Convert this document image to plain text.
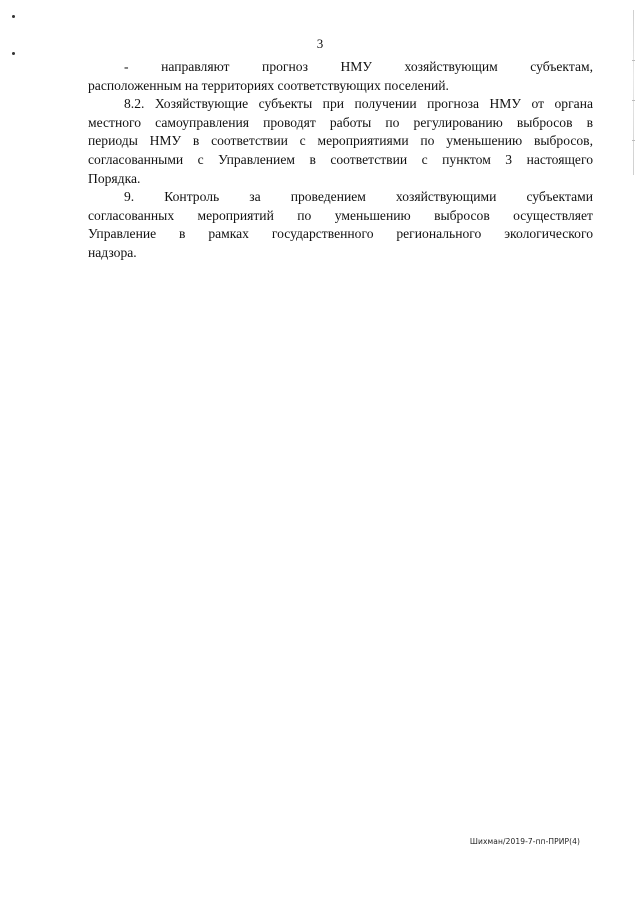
3
- направляют прогноз НМУ хозяйствующим субъектам,
расположенным на территориях соответствующих поселений.
8.2. Хозяйствующие субъекты при получении прогноза НМУ от органа
местного самоуправления проводят работы по регулированию выбросов в
периоды НМУ в соответствии с мероприятиями по уменьшению выбросов,
согласованными с Управлением в соответствии с пунктом 3 настоящего
Порядка.
9. Контроль за проведением хозяйствующими субъектами
согласованных мероприятий по уменьшению выбросов осуществляет
Управление в рамках государственного регионального экологического
надзора.
Шихман/2019-7-пп-ПРИР(4)
